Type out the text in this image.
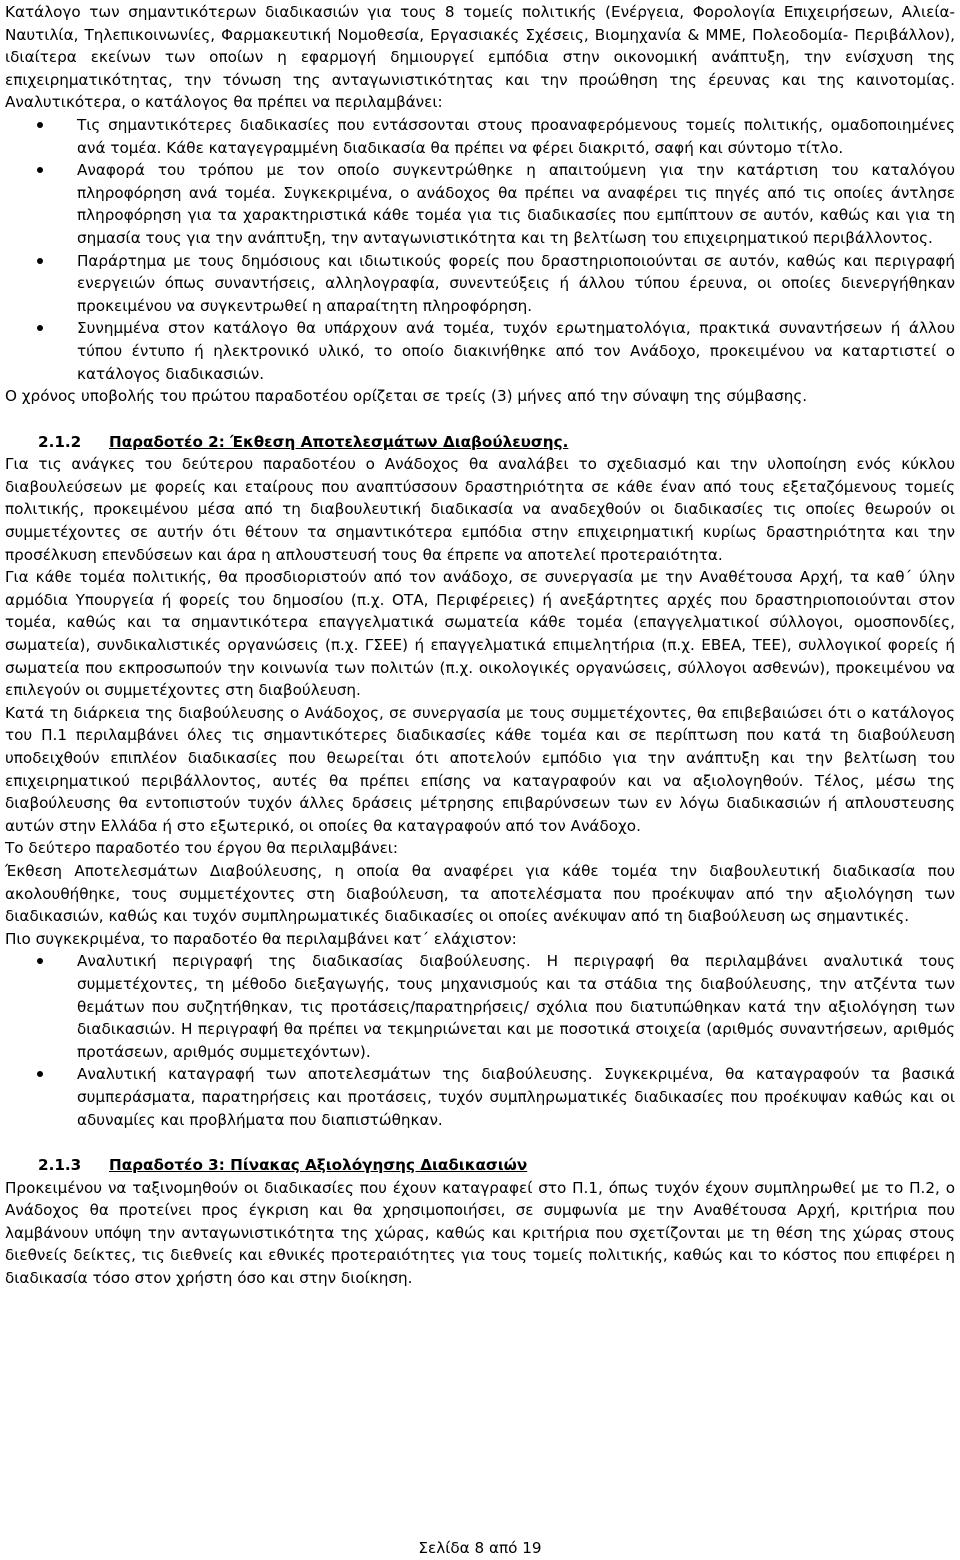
Κατάλογο των σημαντικότερων διαδικασιών για τους 8 τομείς πολιτικής (Ενέργεια, Φορολογία Επιχειρήσεων, Αλιεία-Ναυτιλία, Τηλεπικοινωνίες, Φαρμακευτική Νομοθεσία, Εργασιακές Σχέσεις, Βιομηχανία & ΜΜΕ, Πολεοδομία- Περιβάλλον), ιδιαίτερα εκείνων των οποίων η εφαρμογή δημιουργεί εμπόδια στην οικονομική ανάπτυξη, την ενίσχυση της επιχειρηματικότητας, την τόνωση της ανταγωνιστικότητας και την προώθηση της έρευνας και της καινοτομίας. Αναλυτικότερα, ο κατάλογος θα πρέπει να περιλαμβάνει:

Τις σημαντικότερες διαδικασίες που εντάσσονται στους προαναφερόμενους τομείς πολιτικής, ομαδοποιημένες ανά τομέα. Κάθε καταγεγραμμένη διαδικασία θα πρέπει να φέρει διακριτό, σαφή και σύντομο τίτλο.
Αναφορά του τρόπου με τον οποίο συγκεντρώθηκε η απαιτούμενη για την κατάρτιση του καταλόγου πληροφόρηση ανά τομέα. Συγκεκριμένα, ο ανάδοχος θα πρέπει να αναφέρει τις πηγές από τις οποίες άντλησε πληροφόρηση για τα χαρακτηριστικά κάθε τομέα για τις διαδικασίες που εμπίπτουν σε αυτόν, καθώς και για τη σημασία τους για την ανάπτυξη, την ανταγωνιστικότητα και τη βελτίωση του επιχειρηματικού περιβάλλοντος.
Παράρτημα με τους δημόσιους και ιδιωτικούς φορείς που δραστηριοποιούνται σε αυτόν, καθώς και περιγραφή ενεργειών όπως συναντήσεις, αλληλογραφία, συνεντεύξεις ή άλλου τύπου έρευνα, οι οποίες διενεργήθηκαν προκειμένου να συγκεντρωθεί η απαραίτητη πληροφόρηση.
Συνημμένα στον κατάλογο θα υπάρχουν ανά τομέα, τυχόν ερωτηματολόγια, πρακτικά συναντήσεων ή άλλου τύπου έντυπο ή ηλεκτρονικό υλικό, το οποίο διακινήθηκε από τον Ανάδοχο, προκειμένου να καταρτιστεί ο κατάλογος διαδικασιών.

Ο χρόνος υποβολής του πρώτου παραδοτέου ορίζεται σε τρείς (3) μήνες από την σύναψη της σύμβασης.

2.1.2 Παραδοτέο 2: Έκθεση Αποτελεσμάτων Διαβούλευσης.

Για τις ανάγκες του δεύτερου παραδοτέου ο Ανάδοχος θα αναλάβει το σχεδιασμό και την υλοποίηση ενός κύκλου διαβουλεύσεων με φορείς και εταίρους που αναπτύσσουν δραστηριότητα σε κάθε έναν από τους εξεταζόμενους τομείς πολιτικής, προκειμένου μέσα από τη διαβουλευτική διαδικασία να αναδεχθούν οι διαδικασίες τις οποίες θεωρούν οι συμμετέχοντες σε αυτήν ότι θέτουν τα σημαντικότερα εμπόδια στην επιχειρηματική κυρίως δραστηριότητα και την προσέλκυση επενδύσεων και άρα η απλουστευσή τους θα έπρεπε να αποτελεί προτεραιότητα.

Για κάθε τομέα πολιτικής, θα προσδιοριστούν από τον ανάδοχο, σε συνεργασία με την Αναθέτουσα Αρχή, τα καθ΄ ύλην αρμόδια Υπουργεία ή φορείς του δημοσίου (π.χ. ΟΤΑ, Περιφέρειες) ή ανεξάρτητες αρχές που δραστηριοποιούνται στον τομέα, καθώς και τα σημαντικότερα επαγγελματικά σωματεία κάθε τομέα (επαγγελματικοί σύλλογοι, ομοσπονδίες, σωματεία), συνδικαλιστικές οργανώσεις (π.χ. ΓΣΕΕ) ή επαγγελματικά επιμελητήρια (π.χ. ΕΒΕΑ, ΤΕΕ), συλλογικοί φορείς ή σωματεία που εκπροσωπούν την κοινωνία των πολιτών (π.χ. οικολογικές οργανώσεις, σύλλογοι ασθενών), προκειμένου να επιλεγούν οι συμμετέχοντες στη διαβούλευση.

Κατά τη διάρκεια της διαβούλευσης ο Ανάδοχος, σε συνεργασία με τους συμμετέχοντες, θα επιβεβαιώσει ότι ο κατάλογος του Π.1 περιλαμβάνει όλες τις σημαντικότερες διαδικασίες κάθε τομέα και σε περίπτωση που κατά τη διαβούλευση υποδειχθούν επιπλέον διαδικασίες που θεωρείται ότι αποτελούν εμπόδιο για την ανάπτυξη και την βελτίωση του επιχειρηματικού περιβάλλοντος, αυτές θα πρέπει επίσης να καταγραφούν και να αξιολογηθούν. Τέλος, μέσω της διαβούλευσης θα εντοπιστούν τυχόν άλλες δράσεις μέτρησης επιβαρύνσεων των εν λόγω διαδικασιών ή απλουστευσης αυτών στην Ελλάδα ή στο εξωτερικό, οι οποίες θα καταγραφούν από τον Ανάδοχο.

Το δεύτερο παραδοτέο του έργου θα περιλαμβάνει:

Έκθεση Αποτελεσμάτων Διαβούλευσης, η οποία θα αναφέρει για κάθε τομέα την διαβουλευτική διαδικασία που ακολουθήθηκε, τους συμμετέχοντες στη διαβούλευση, τα αποτελέσματα που προέκυψαν από την αξιολόγηση των διαδικασιών, καθώς και τυχόν συμπληρωματικές διαδικασίες οι οποίες ανέκυψαν από τη διαβούλευση ως σημαντικές.

Πιο συγκεκριμένα, το παραδοτέο θα περιλαμβάνει κατ΄ ελάχιστον:

Αναλυτική περιγραφή της διαδικασίας διαβούλευσης. Η περιγραφή θα περιλαμβάνει αναλυτικά τους συμμετέχοντες, τη μέθοδο διεξαγωγής, τους μηχανισμούς και τα στάδια της διαβούλευσης, την ατζέντα των θεμάτων που συζητήθηκαν, τις προτάσεις/παρατηρήσεις/ σχόλια που διατυπώθηκαν κατά την αξιολόγηση των διαδικασιών. Η περιγραφή θα πρέπει να τεκμηριώνεται και με ποσοτικά στοιχεία (αριθμός συναντήσεων, αριθμός προτάσεων, αριθμός συμμετεχόντων).
Αναλυτική καταγραφή των αποτελεσμάτων της διαβούλευσης. Συγκεκριμένα, θα καταγραφούν τα βασικά συμπεράσματα, παρατηρήσεις και προτάσεις, τυχόν συμπληρωματικές διαδικασίες που προέκυψαν καθώς και οι αδυναμίες και προβλήματα που διαπιστώθηκαν.
2.1.3 Παραδοτέο 3: Πίνακας Αξιολόγησης Διαδικασιών

Προκειμένου να ταξινομηθούν οι διαδικασίες που έχουν καταγραφεί στο Π.1, όπως τυχόν έχουν συμπληρωθεί με το Π.2, ο Ανάδοχος θα προτείνει προς έγκριση και θα χρησιμοποιήσει, σε συμφωνία με την Αναθέτουσα Αρχή, κριτήρια που λαμβάνουν υπόψη την ανταγωνιστικότητα της χώρας, καθώς και κριτήρια που σχετίζονται με τη θέση της χώρας στους διεθνείς δείκτες, τις διεθνείς και εθνικές προτεραιότητες για τους τομείς πολιτικής, καθώς και το κόστος που επιφέρει η διαδικασία τόσο στον χρήστη όσο και στην διοίκηση.

Σελίδα 8 από 19
